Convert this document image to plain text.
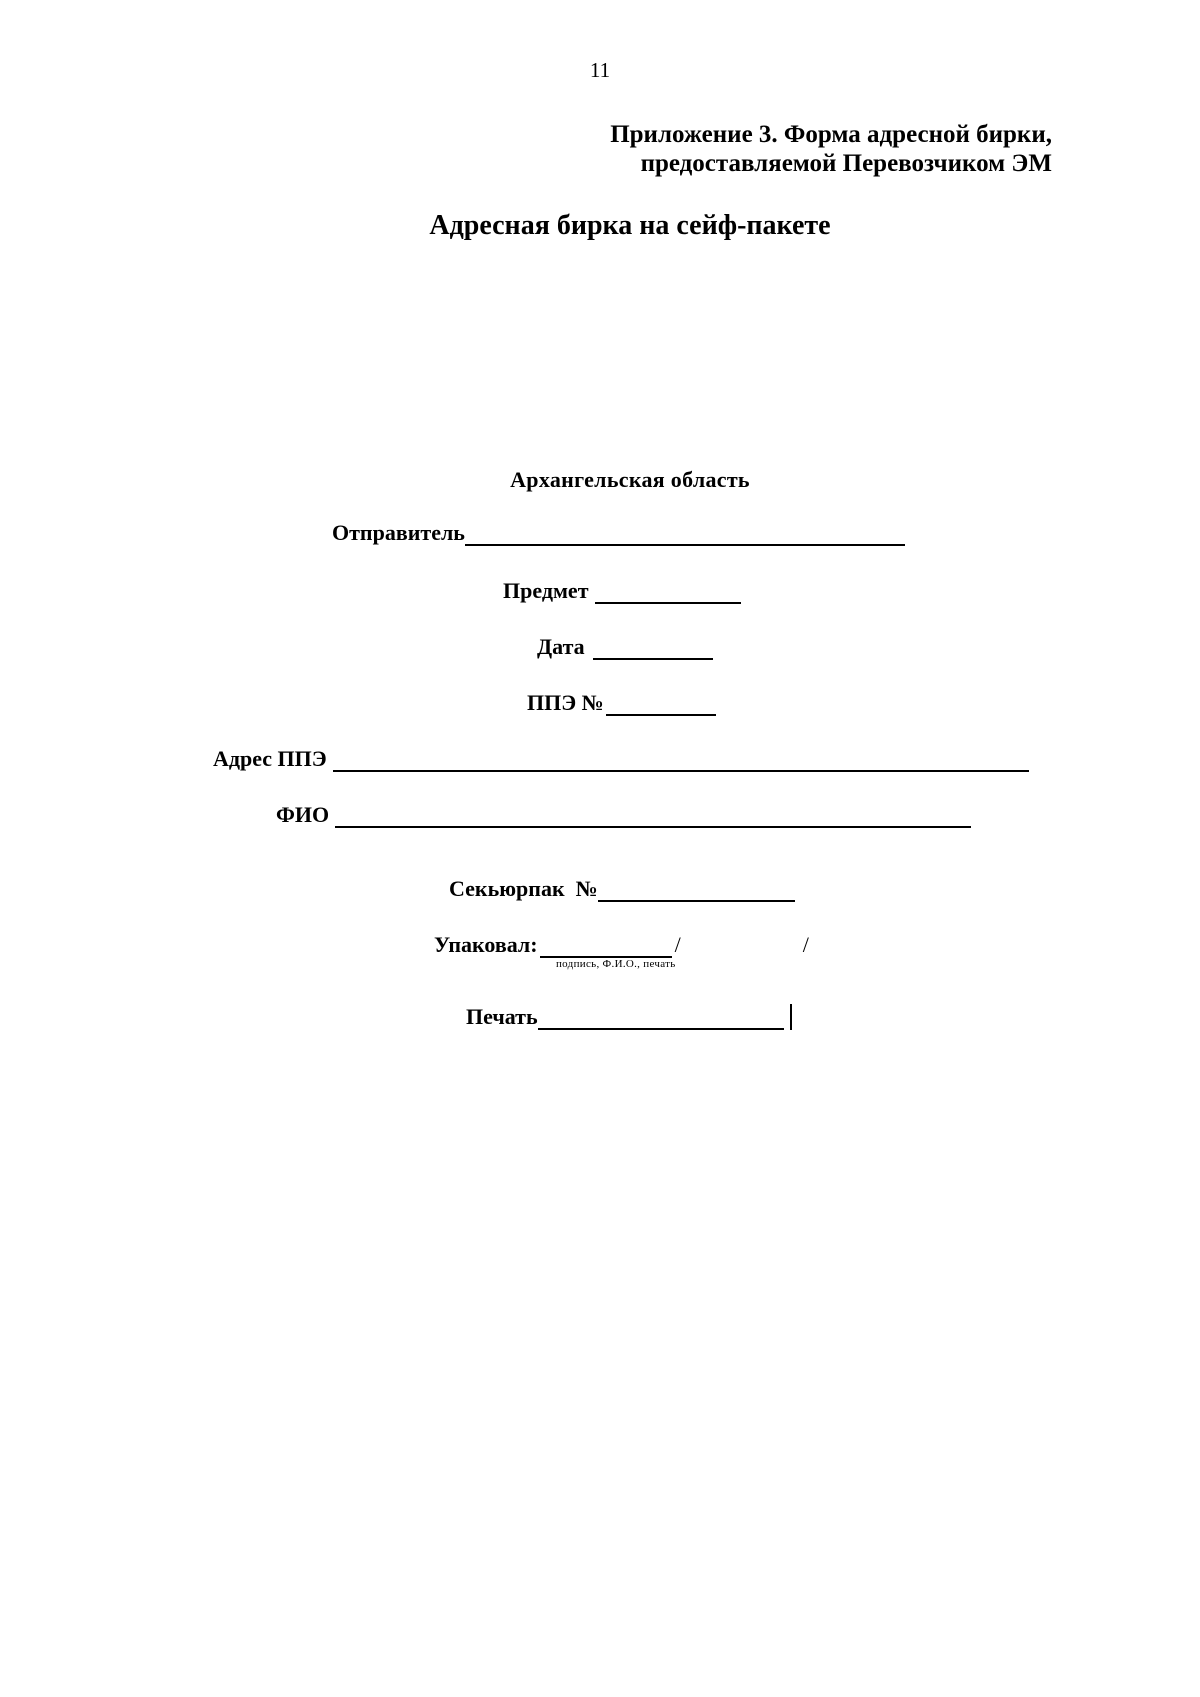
11
Приложение 3. Форма адресной бирки,
предоставляемой Перевозчиком ЭМ
Адресная бирка на сейф-пакете
Архангельская область
Отправитель
Предмет
Дата
ППЭ №
Адрес ППЭ
ФИО
Секьюрпак  №
Упаковал:	/	/
подпись, Ф.И.О., печать
Печать
